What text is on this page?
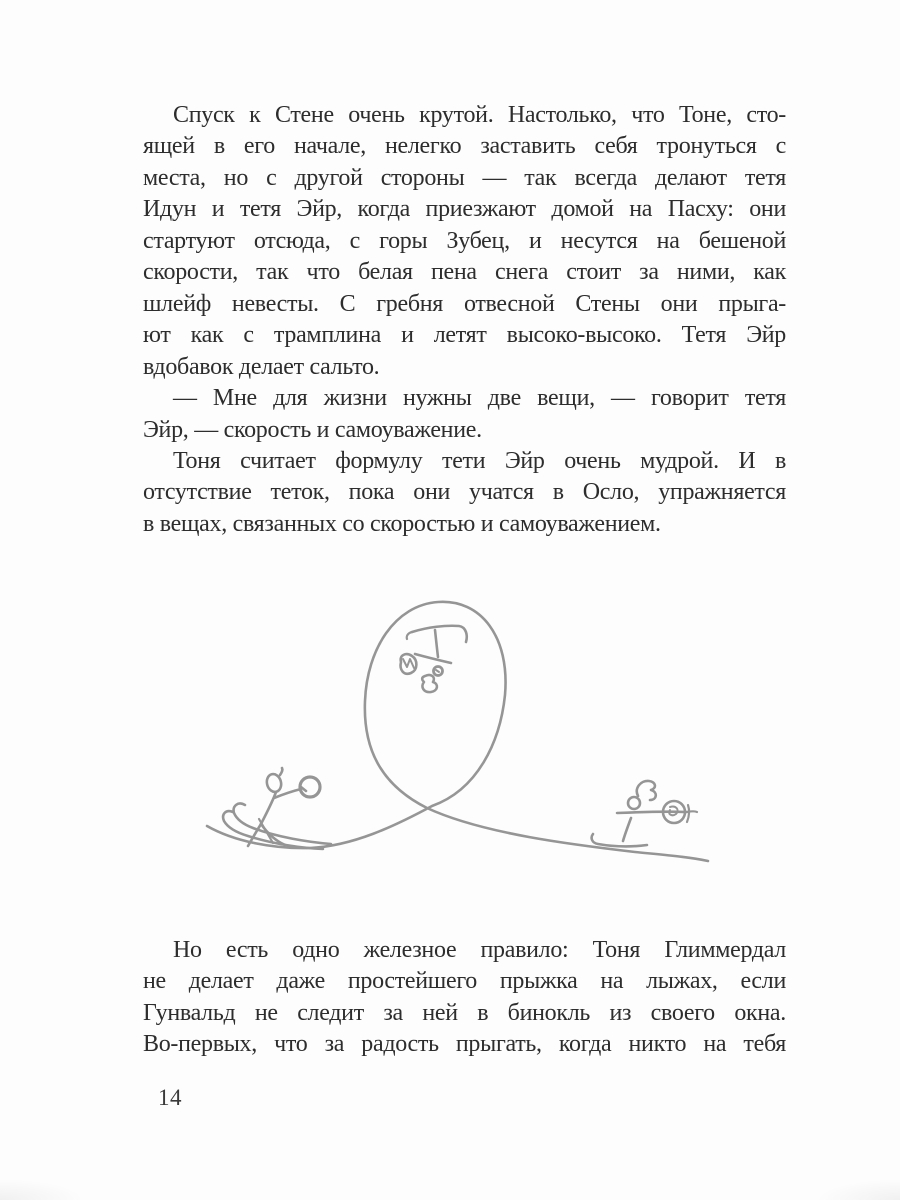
Спуск к Стене очень крутой. Настолько, что Тоне, сто-
ящей в его начале, нелегко заставить себя тронуться с
места, но с другой стороны — так всегда делают тетя
Идун и тетя Эйр, когда приезжают домой на Пасху: они
стартуют отсюда, с горы Зубец, и несутся на бешеной
скорости, так что белая пена снега стоит за ними, как
шлейф невесты. С гребня отвесной Стены они прыга-
ют как с трамплина и летят высоко-высоко. Тетя Эйр
вдобавок делает сальто.
— Мне для жизни нужны две вещи, — говорит тетя
Эйр, — скорость и самоуважение.
Тоня считает формулу тети Эйр очень мудрой. И в
отсутствие теток, пока они учатся в Осло, упражняется
в вещах, связанных со скоростью и самоуважением.
Но есть одно железное правило: Тоня Глиммердал
не делает даже простейшего прыжка на лыжах, если
Гунвальд не следит за ней в бинокль из своего окна.
Во-первых, что за радость прыгать, когда никто на тебя
14
